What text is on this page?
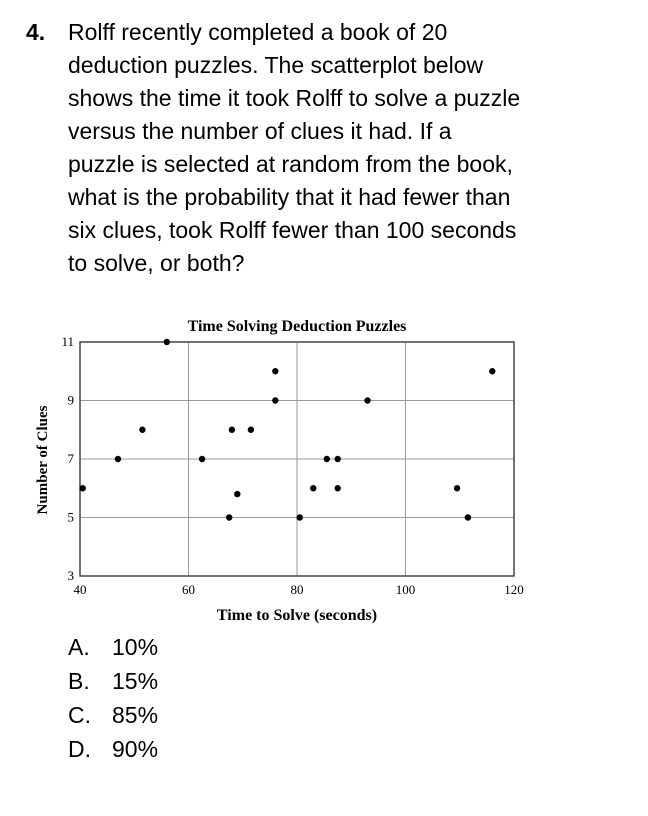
4. Rolff recently completed a book of 20
deduction puzzles. The scatterplot below
shows the time it took Rolff to solve a puzzle
versus the number of clues it had. If a
puzzle is selected at random from the book,
what is the probability that it had fewer than
six clues, took Rolff fewer than 100 seconds
to solve, or both?
Time Solving Deduction Puzzles
40	60	80	100	120
3
5
7
9
11
Time to Solve (seconds)
Number of Clues
A. 10%
B. 15%
C. 85%
D. 90%
